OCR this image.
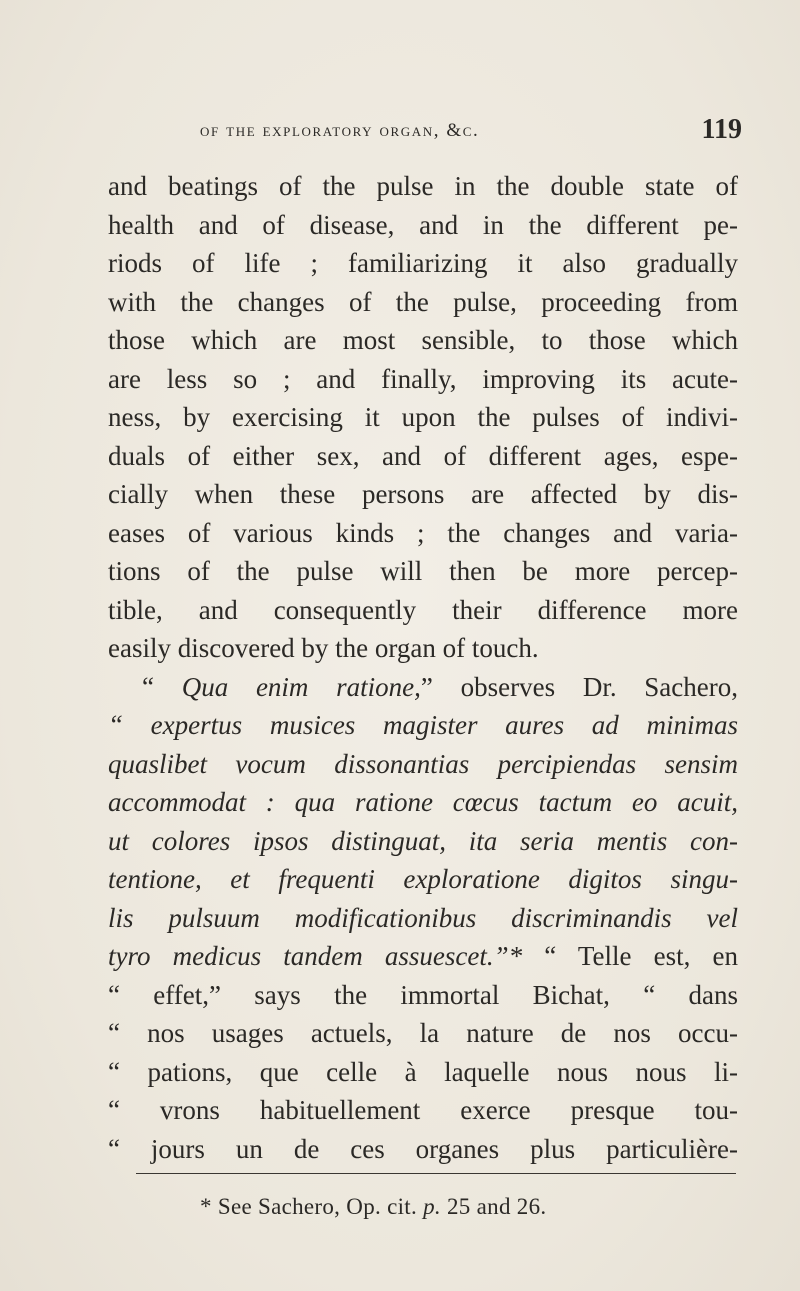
of the exploratory organ, &c.	119
and beatings of the pulse in the double state of
health and of disease, and in the different pe-
riods of life ; familiarizing it also gradually
with the changes of the pulse, proceeding from
those which are most sensible, to those which
are less so ; and finally, improving its acute-
ness, by exercising it upon the pulses of indivi-
duals of either sex, and of different ages, espe-
cially when these persons are affected by dis-
eases of various kinds ; the changes and varia-
tions of the pulse will then be more percep-
tible, and consequently their difference more
easily discovered by the organ of touch.
“ Qua enim ratione,” observes Dr. Sachero,
“ expertus musices magister aures ad minimas
quaslibet vocum dissonantias percipiendas sensim
accommodat : qua ratione cœcus tactum eo acuit,
ut colores ipsos distinguat, ita seria mentis con-
tentione, et frequenti exploratione digitos singu-
lis pulsuum modificationibus discriminandis vel
tyro medicus tandem assuescet.”* “ Telle est, en
“ effet,” says the immortal Bichat, “ dans
“ nos usages actuels, la nature de nos occu-
“ pations, que celle à laquelle nous nous li-
“ vrons habituellement exerce presque tou-
“ jours un de ces organes plus particulière-
* See Sachero, Op. cit. p. 25 and 26.
